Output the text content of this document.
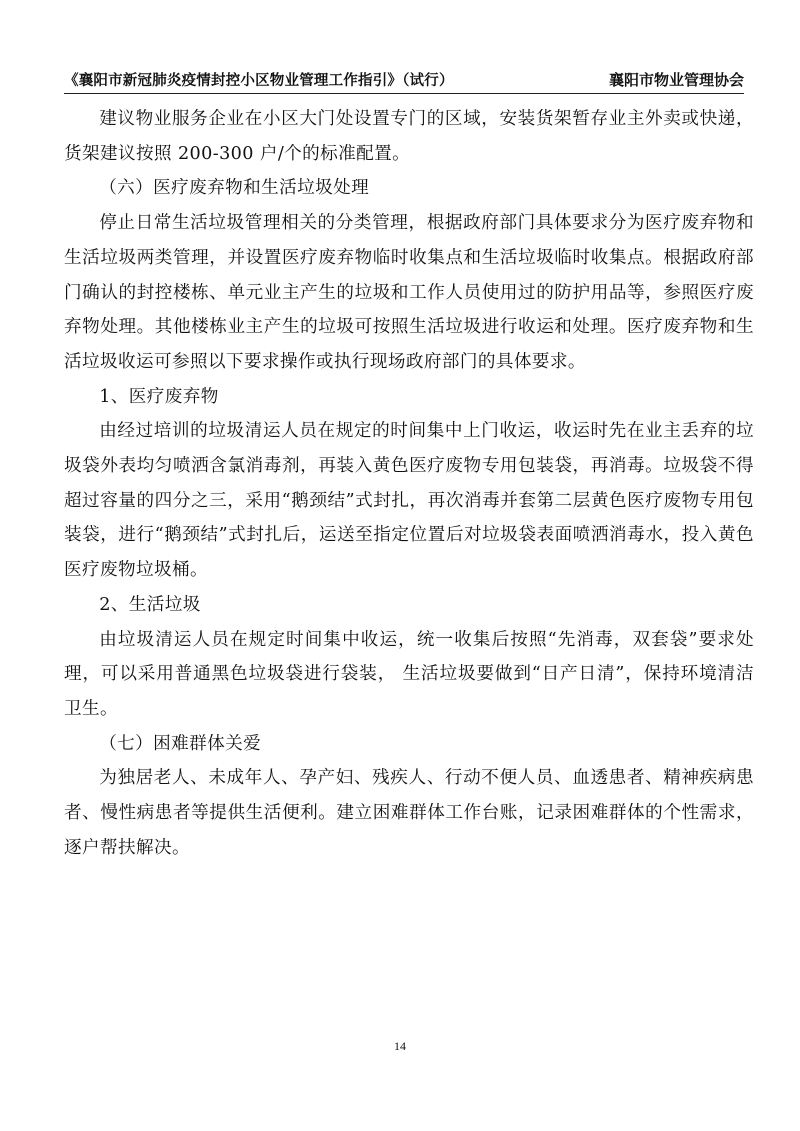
《襄阳市新冠肺炎疫情封控小区物业管理工作指引》（试行）	襄阳市物业管理协会

建议物业服务企业在小区大门处设置专门的区域，安装货架暂存业主外卖或快递，货架建议按照 200-300 户/个的标准配置。

（六）医疗废弃物和生活垃圾处理

停止日常生活垃圾管理相关的分类管理，根据政府部门具体要求分为医疗废弃物和生活垃圾两类管理，并设置医疗废弃物临时收集点和生活垃圾临时收集点。根据政府部门确认的封控楼栋、单元业主产生的垃圾和工作人员使用过的防护用品等，参照医疗废弃物处理。其他楼栋业主产生的垃圾可按照生活垃圾进行收运和处理。医疗废弃物和生活垃圾收运可参照以下要求操作或执行现场政府部门的具体要求。

1、医疗废弃物

由经过培训的垃圾清运人员在规定的时间集中上门收运，收运时先在业主丢弃的垃圾袋外表均匀喷洒含氯消毒剂，再装入黄色医疗废物专用包装袋，再消毒。垃圾袋不得超过容量的四分之三，采用“鹅颈结”式封扎，再次消毒并套第二层黄色医疗废物专用包装袋，进行“鹅颈结”式封扎后，运送至指定位置后对垃圾袋表面喷洒消毒水，投入黄色医疗废物垃圾桶。

2、生活垃圾

由垃圾清运人员在规定时间集中收运，统一收集后按照“先消毒，双套袋”要求处理，可以采用普通黑色垃圾袋进行袋装， 生活垃圾要做到“日产日清”，保持环境清洁卫生。

（七）困难群体关爱

为独居老人、未成年人、孕产妇、残疾人、行动不便人员、血透患者、精神疾病患者、慢性病患者等提供生活便利。建立困难群体工作台账，记录困难群体的个性需求，逐户帮扶解决。

14
